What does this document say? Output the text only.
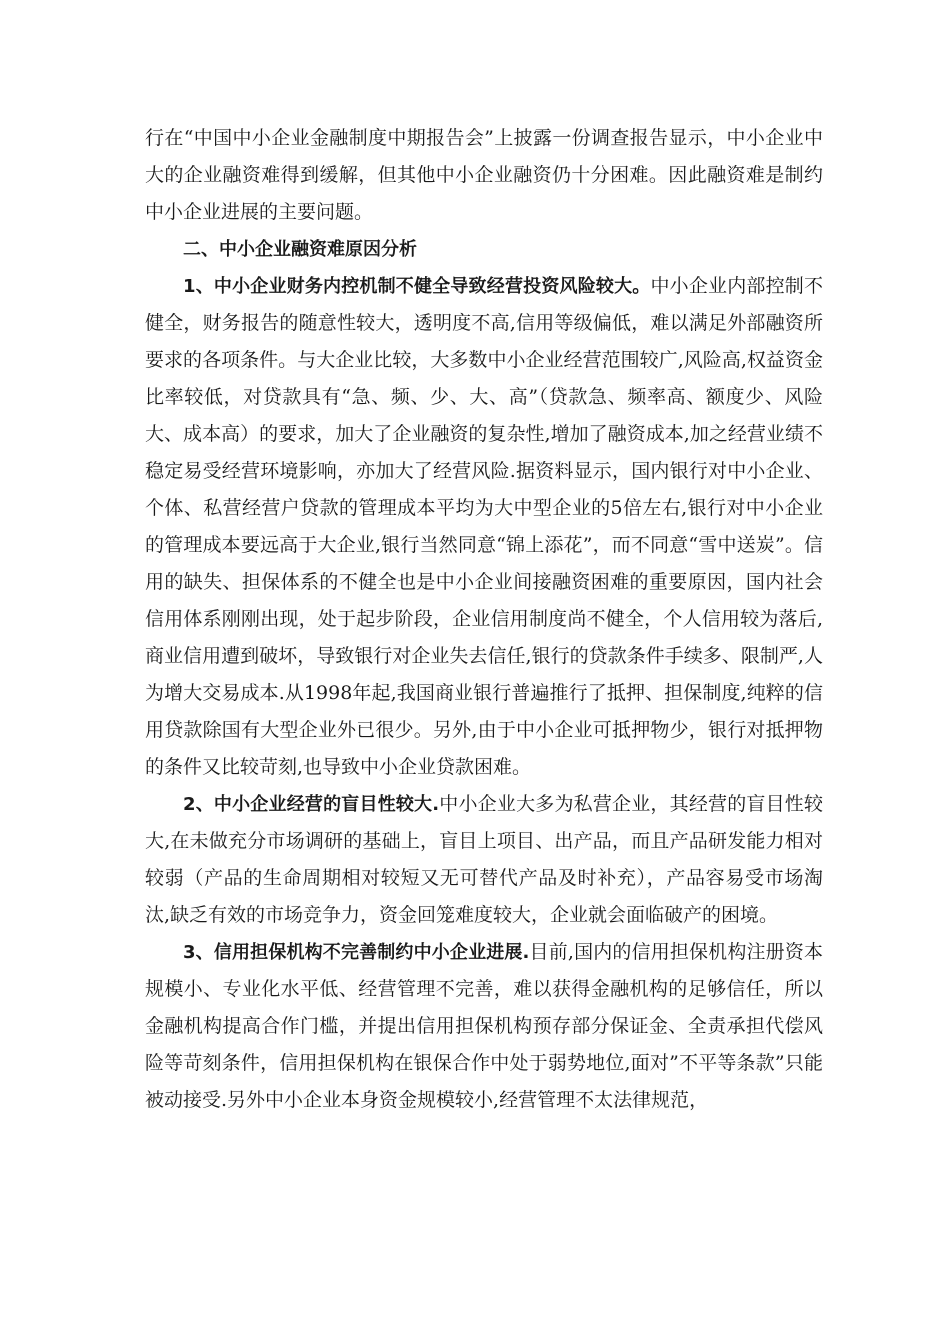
行在“中国中小企业金融制度中期报告会”上披露一份调查报告显示，中小企业中大的企业融资难得到缓解，但其他中小企业融资仍十分困难。因此融资难是制约中小企业进展的主要问题。

二、中小企业融资难原因分析

1、中小企业财务内控机制不健全导致经营投资风险较大。中小企业内部控制不健全，财务报告的随意性较大，透明度不高,信用等级偏低，难以满足外部融资所要求的各项条件。与大企业比较，大多数中小企业经营范围较广,风险高,权益资金比率较低，对贷款具有“急、频、少、大、高”（贷款急、频率高、额度少、风险大、成本高）的要求，加大了企业融资的复杂性,增加了融资成本,加之经营业绩不稳定易受经营环境影响，亦加大了经营风险.据资料显示，国内银行对中小企业、个体、私营经营户贷款的管理成本平均为大中型企业的5倍左右,银行对中小企业的管理成本要远高于大企业,银行当然同意“锦上添花”，而不同意“雪中送炭”。信用的缺失、担保体系的不健全也是中小企业间接融资困难的重要原因，国内社会信用体系刚刚出现，处于起步阶段，企业信用制度尚不健全，个人信用较为落后,商业信用遭到破坏，导致银行对企业失去信任,银行的贷款条件手续多、限制严,人为增大交易成本.从1998年起,我国商业银行普遍推行了抵押、担保制度,纯粹的信用贷款除国有大型企业外已很少。另外,由于中小企业可抵押物少，银行对抵押物的条件又比较苛刻,也导致中小企业贷款困难。

2、中小企业经营的盲目性较大.中小企业大多为私营企业，其经营的盲目性较大,在未做充分市场调研的基础上，盲目上项目、出产品，而且产品研发能力相对较弱（产品的生命周期相对较短又无可替代产品及时补充），产品容易受市场淘汰,缺乏有效的市场竞争力，资金回笼难度较大，企业就会面临破产的困境。

3、信用担保机构不完善制约中小企业进展.目前,国内的信用担保机构注册资本规模小、专业化水平低、经营管理不完善，难以获得金融机构的足够信任，所以金融机构提高合作门槛，并提出信用担保机构预存部分保证金、全责承担代偿风险等苛刻条件，信用担保机构在银保合作中处于弱势地位,面对”不平等条款”只能被动接受.另外中小企业本身资金规模较小,经营管理不太法律规范，
